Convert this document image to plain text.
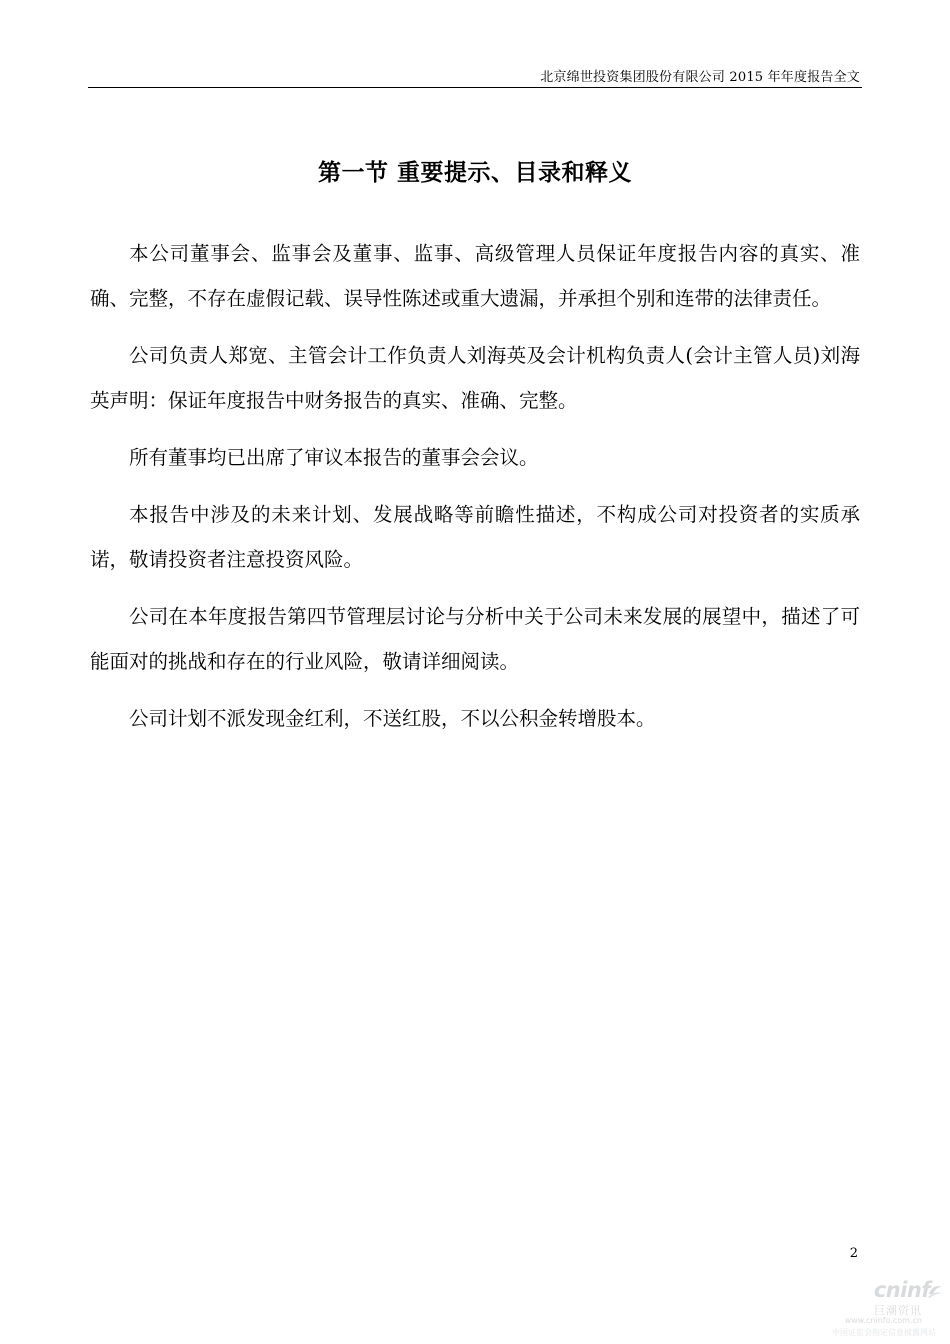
北京绵世投资集团股份有限公司 2015 年年度报告全文
第一节 重要提示、目录和释义

本公司董事会、监事会及董事、监事、高级管理人员保证年度报告内容的真实、准确、完整，不存在虚假记载、误导性陈述或重大遗漏，并承担个别和连带的法律责任。

公司负责人郑宽、主管会计工作负责人刘海英及会计机构负责人(会计主管人员)刘海英声明：保证年度报告中财务报告的真实、准确、完整。

所有董事均已出席了审议本报告的董事会会议。

本报告中涉及的未来计划、发展战略等前瞻性描述，不构成公司对投资者的实质承诺，敬请投资者注意投资风险。

公司在本年度报告第四节管理层讨论与分析中关于公司未来发展的展望中，描述了可能面对的挑战和存在的行业风险，敬请详细阅读。

公司计划不派发现金红利，不送红股，不以公积金转增股本。

2
cninf
巨潮资讯
www.cninfo.com.cn
中国证监会指定信息披露网站
